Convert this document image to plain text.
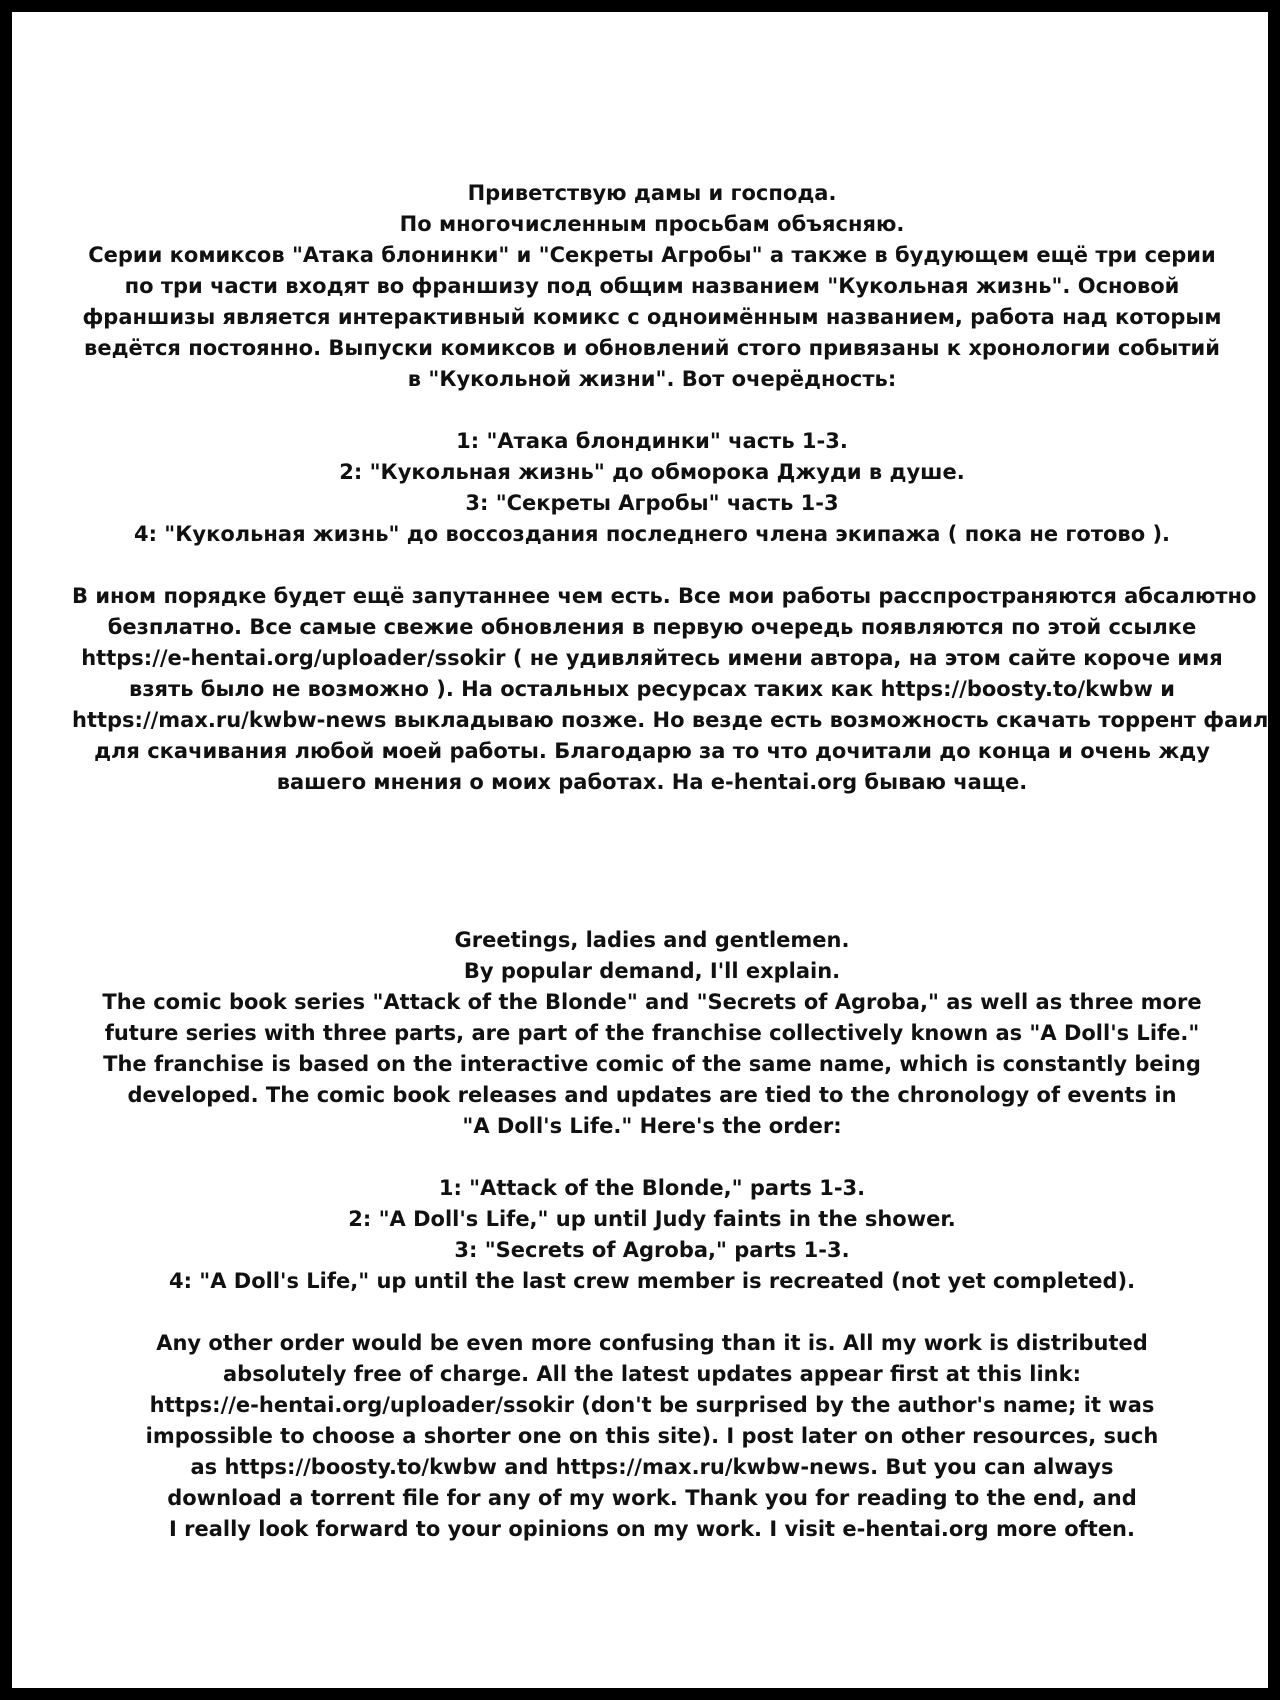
Приветствую дамы и господа.
По многочисленным просьбам объясняю.
Серии комиксов "Атака блонинки" и "Секреты Агробы" а также в будующем ещё три серии
по три части входят во франшизу под общим названием "Кукольная жизнь". Основой
франшизы является интерактивный комикс с одноимённым названием, работа над которым
ведётся постоянно. Выпуски комиксов и обновлений стого привязаны к хронологии событий
в "Кукольной жизни". Вот очерёдность:
1: "Атака блондинки" часть 1-3.
2: "Кукольная жизнь" до обморока Джуди в душе.
3: "Секреты Агробы" часть 1-3
4: "Кукольная жизнь" до воссоздания последнего члена экипажа ( пока не готово ).
В ином порядке будет ещё запутаннее чем есть. Все мои работы расспространяются абсалютно
безплатно. Все самые свежие обновления в первую очередь появляются по этой ссылке
https://e-hentai.org/uploader/ssokir ( не удивляйтесь имени автора, на этом сайте короче имя
взять было не возможно ). На остальных ресурсах таких как https://boosty.to/kwbw и
https://max.ru/kwbw-news выкладываю позже. Но везде есть возможность скачать торрент фаил
для скачивания любой моей работы. Благодарю за то что дочитали до конца и очень жду
вашего мнения о моих работах. На e-hentai.org бываю чаще.
Greetings, ladies and gentlemen.
By popular demand, I'll explain.
The comic book series "Attack of the Blonde" and "Secrets of Agroba," as well as three more
future series with three parts, are part of the franchise collectively known as "A Doll's Life."
The franchise is based on the interactive comic of the same name, which is constantly being
developed. The comic book releases and updates are tied to the chronology of events in
"A Doll's Life." Here's the order:
1: "Attack of the Blonde," parts 1-3.
2: "A Doll's Life," up until Judy faints in the shower.
3: "Secrets of Agroba," parts 1-3.
4: "A Doll's Life," up until the last crew member is recreated (not yet completed).
Any other order would be even more confusing than it is. All my work is distributed
absolutely free of charge. All the latest updates appear first at this link:
https://e-hentai.org/uploader/ssokir (don't be surprised by the author's name; it was
impossible to choose a shorter one on this site). I post later on other resources, such
as https://boosty.to/kwbw and https://max.ru/kwbw-news. But you can always
download a torrent file for any of my work. Thank you for reading to the end, and
I really look forward to your opinions on my work. I visit e-hentai.org more often.
